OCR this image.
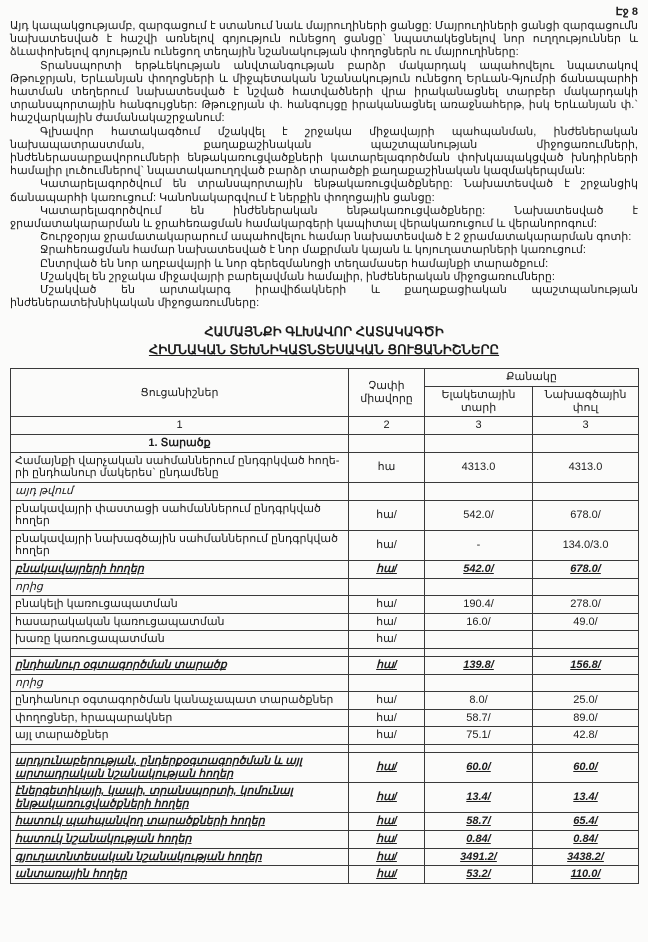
Էջ 8

Այդ կապակցությամբ, զարգացում է ստանում նաև մայրուղիների ցանցը: Մայրուղիների ցանցի զարգացումն նախատեսված է հաշվի առնելով գոյություն ունեցող ցանցը` նպատակեցնելով նոր ուղղություններ և ձևափոխելով գոյություն ունեցող տեղային նշանակության փողոցներն ու մայրուղիները:

Տրանսպորտի երթևեկության անվտանգության բարձր մակարդակ ապահովելու նպատակով Թթուջրյան, Երևանյան փողոցների և միջպետական նշանակություն ունեցող Երևան-Գյումրի ճանապարհի հատման տեղերում նախատեսված է նշված հատվածների վրա իրականացնել տարբեր մակարդակի տրանսպորտային հանգույցներ: Թթուջրյան փ. հանգույցը իրականացնել առաջնահերթ, իսկ Երևանյան փ.` հաշվարկային ժամանակաշրջանում:

Գլխավոր հատակագծում մշակվել է շրջակա միջավայրի պահպանման, ինժեներական նախապատրաստման, քաղաքաշինական պաշտպանության միջոցառումների, ինժեներասարքավորումների ենթակառուցվածքների կատարելագործման փոխկապակցված խնդիրների համալիր լուծումներով` նպատակաուղղված բարձր տարածքի քաղաքաշինական կազմակերպման:

Կատարելագործվում են տրանսպորտային ենթակառուցվածքները: Նախատեսված է շրջանցիկ ճանապարհի կառուցում: Կանոնակարգվում է ներքին փողոցային ցանցը:

Կատարելագործվում են ինժեներական ենթակառուցվածքները: Նախատեսված է ջրամատակարարման և ջրահեռացման համակարգերի կապիտալ վերակառուցում և վերանորոգում:

Շուրջօրյա ջրամատակարարում ապահովելու համար նախատեսված է 2 ջրամատակարարման գոտի:

Ջրահեռացման համար նախատեսված է նոր մաքրման կայան և կոյուղատարների կառուցում:

Ընտրված են նոր աղբավայրի և նոր գերեզմանոցի տեղամասեր համայնքի տարածքում:

Մշակվել են շրջակա միջավայրի բարելավման համալիր, ինժեներական միջոցառումները:

Մշակված են արտակարգ իրավիճակների և քաղաքացիական պաշտպանության ինժեներատեխնիկական միջոցառումները:

ՀԱՄԱՅՆՔԻ ԳԼԽԱՎՈՐ ՀԱՏԱԿԱԳԾԻ
ՀԻՄՆԱԿԱՆ ՏԵԽՆԻԿԱՏՆՏԵՍԱԿԱՆ ՑՈՒՑԱՆԻՇՆԵՐԸ
Ցուցանիշներ	Չափի միավորը	Քանակը	
		Ելակետային տարի	Նախագծային փուլ
1	2	3	3
1. Տարածք			
Համայնքի վարչական սահմաններում ընդգրկված հողե- րի ընդհանուր մակերես` ընդամենը	հա	4313.0	4313.0
այդ թվում			
բնակավայրի փաստացի սահմաններում ընդգրկված հողեր	հա/	542.0/	678.0/
բնակավայրի նախագծային սահմաններում ընդգրկված հողեր	հա/	-	134.0/3.0
բնակավայրերի հողեր	հա/	542.0/	678.0/
որից			
բնակելի կառուցապատման	հա/	190.4/	278.0/
հասարակական կառուցապատման	հա/	16.0/	49.0/
խառը կառուցապատման	հա/		

ընդհանուր օգտագործման տարածք	հա/	139.8/	156.8/
որից			
ընդհանուր օգտագործման կանաչապատ տարածքներ	հա/	8.0/	25.0/
փողոցներ, հրապարակներ	հա/	58.7/	89.0/
այլ տարածքներ	հա/	75.1/	42.8/

արդյունաբերության, ընդերքօգտագործման և այլ արտադրական նշանակության հողեր	հա/	60.0/	60.0/
էներգետիկայի, կապի, տրանսպորտի, կոմունալ ենթակառուցվածքների հողեր	հա/	13.4/	13.4/
հատուկ պահպանվող տարածքների հողեր	հա/	58.7/	65.4/
հատուկ նշանակության հողեր	հա/	0.84/	0.84/
գյուղատնտեսական նշանակության հողեր	հա/	3491.2/	3438.2/
անտառային հողեր	հա/	53.2/	110.0/
